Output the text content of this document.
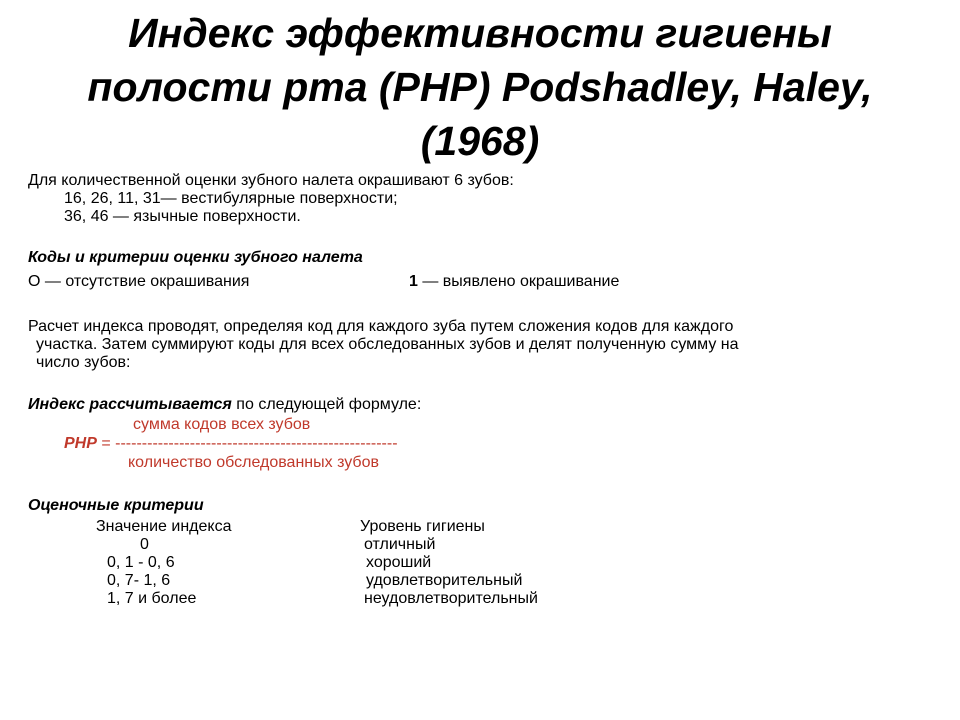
Индекс эффективности гигиены
полости рта (PHP) Podshadley, Haley,
(1968)
Для количественной оценки зубного налета окрашивают 6 зубов:
16, 26, 11, 31— вестибулярные поверхности;
36, 46 — язычные поверхности.
Коды и критерии оценки зубного налета
О — отсутствие окрашивания	1 — выявлено окрашивание
Расчет индекса проводят, определяя код для каждого зуба путем сложения кодов для каждого
участка. Затем суммируют коды для всех обследованных зубов и делят полученную сумму на
число зубов:
Индекс рассчитывается по следующей формуле:
сумма кодов всех зубов
PHP = -----------------------------------------------------
количество обследованных зубов
Оценочные критерии
Значение индекса	Уровень гигиены
0	отличный
0, 1 - 0, 6	хороший
0, 7- 1, 6	удовлетворительный
1, 7 и более	неудовлетворительный
